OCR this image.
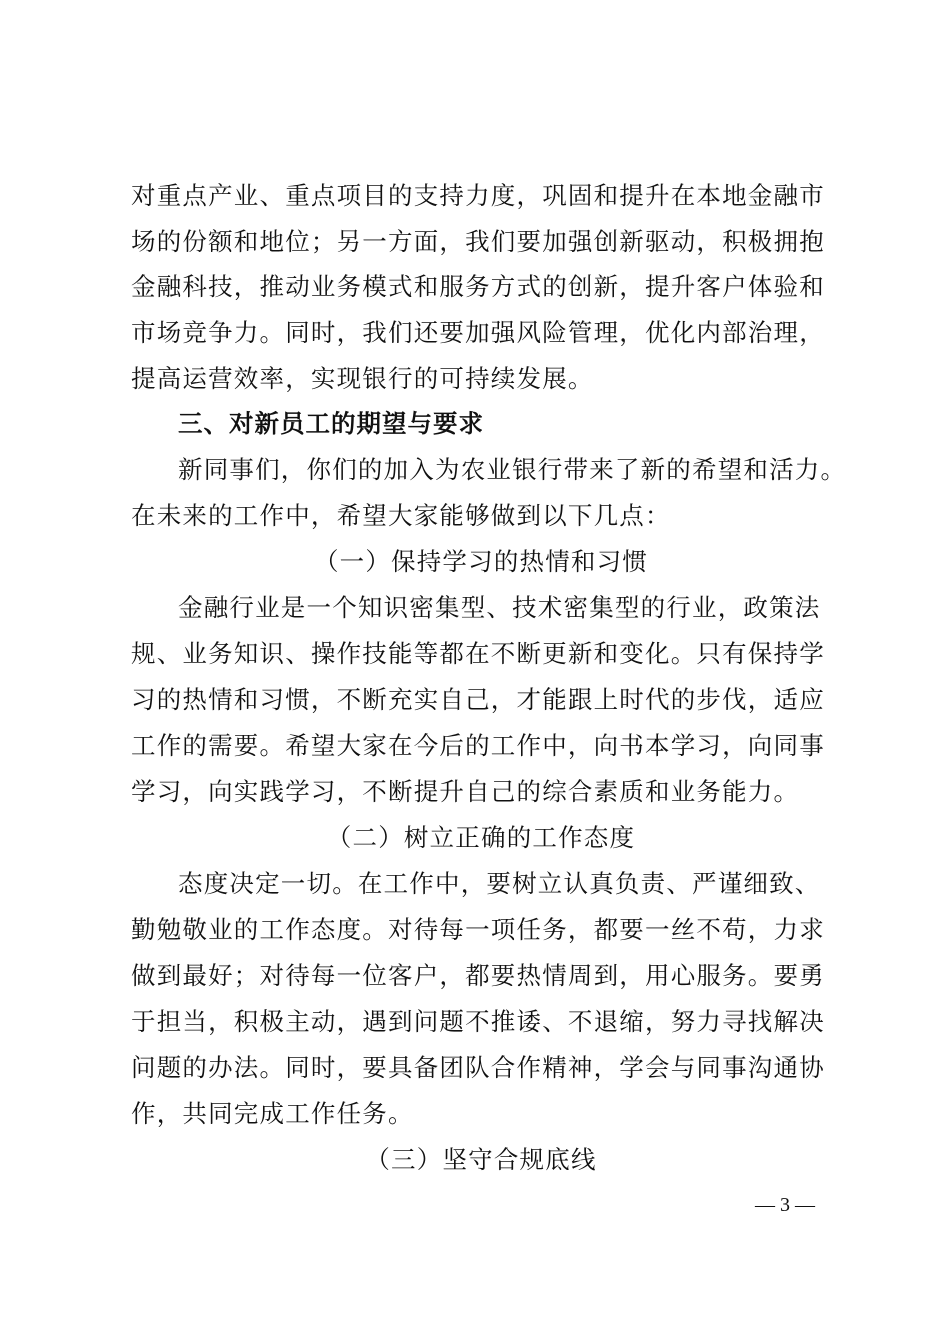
对重点产业、重点项目的支持力度，巩固和提升在本地金融市
场的份额和地位；另一方面，我们要加强创新驱动，积极拥抱
金融科技，推动业务模式和服务方式的创新，提升客户体验和
市场竞争力。同时，我们还要加强风险管理，优化内部治理，
提高运营效率，实现银行的可持续发展。
三、对新员工的期望与要求
新同事们，你们的加入为农业银行带来了新的希望和活力。
在未来的工作中，希望大家能够做到以下几点：
（一）保持学习的热情和习惯
金融行业是一个知识密集型、技术密集型的行业，政策法
规、业务知识、操作技能等都在不断更新和变化。只有保持学
习的热情和习惯，不断充实自己，才能跟上时代的步伐，适应
工作的需要。希望大家在今后的工作中，向书本学习，向同事
学习，向实践学习，不断提升自己的综合素质和业务能力。
（二）树立正确的工作态度
态度决定一切。在工作中，要树立认真负责、严谨细致、
勤勉敬业的工作态度。对待每一项任务，都要一丝不苟，力求
做到最好；对待每一位客户，都要热情周到，用心服务。要勇
于担当，积极主动，遇到问题不推诿、不退缩，努力寻找解决
问题的办法。同时，要具备团队合作精神，学会与同事沟通协
作，共同完成工作任务。
（三）坚守合规底线
— 3 —
